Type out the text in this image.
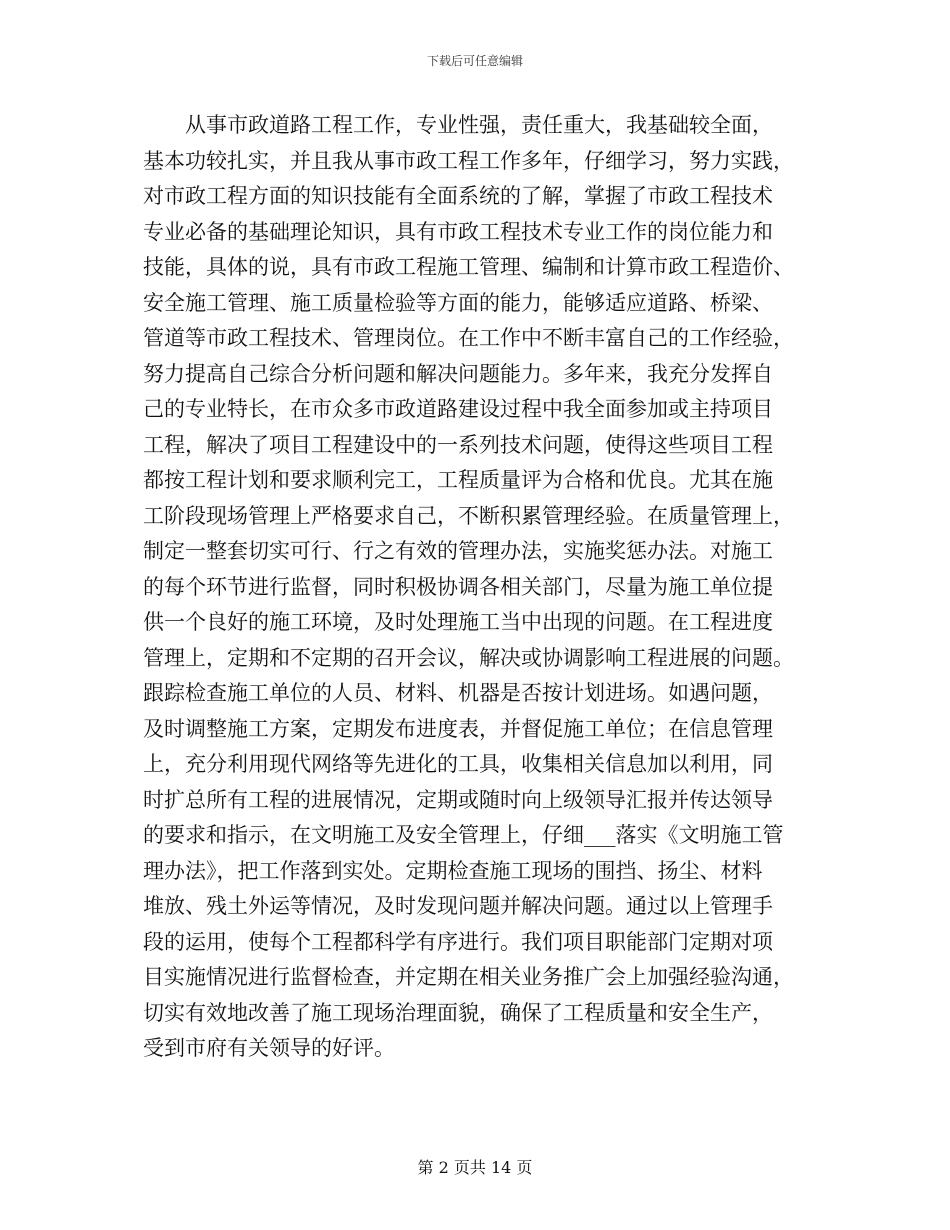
下载后可任意编辑
从事市政道路工程工作，专业性强，责任重大，我基础较全面，
基本功较扎实，并且我从事市政工程工作多年，仔细学习，努力实践，
对市政工程方面的知识技能有全面系统的了解，掌握了市政工程技术
专业必备的基础理论知识，具有市政工程技术专业工作的岗位能力和
技能，具体的说，具有市政工程施工管理、编制和计算市政工程造价、
安全施工管理、施工质量检验等方面的能力，能够适应道路、桥梁、
管道等市政工程技术、管理岗位。在工作中不断丰富自己的工作经验，
努力提高自己综合分析问题和解决问题能力。多年来，我充分发挥自
己的专业特长，在市众多市政道路建设过程中我全面参加或主持项目
工程，解决了项目工程建设中的一系列技术问题，使得这些项目工程
都按工程计划和要求顺利完工，工程质量评为合格和优良。尤其在施
工阶段现场管理上严格要求自己，不断积累管理经验。在质量管理上，
制定一整套切实可行、行之有效的管理办法，实施奖惩办法。对施工
的每个环节进行监督，同时积极协调各相关部门，尽量为施工单位提
供一个良好的施工环境，及时处理施工当中出现的问题。在工程进度
管理上，定期和不定期的召开会议，解决或协调影响工程进展的问题。
跟踪检查施工单位的人员、材料、机器是否按计划进场。如遇问题，
及时调整施工方案，定期发布进度表，并督促施工单位；在信息管理
上，充分利用现代网络等先进化的工具，收集相关信息加以利用，同
时扩总所有工程的进展情况，定期或随时向上级领导汇报并传达领导
的要求和指示，在文明施工及安全管理上，仔细___落实《文明施工管
理办法》，把工作落到实处。定期检查施工现场的围挡、扬尘、材料
堆放、残土外运等情况，及时发现问题并解决问题。通过以上管理手
段的运用，使每个工程都科学有序进行。我们项目职能部门定期对项
目实施情况进行监督检查，并定期在相关业务推广会上加强经验沟通，
切实有效地改善了施工现场治理面貌，确保了工程质量和安全生产，
受到市府有关领导的好评。
第 2 页共 14 页
